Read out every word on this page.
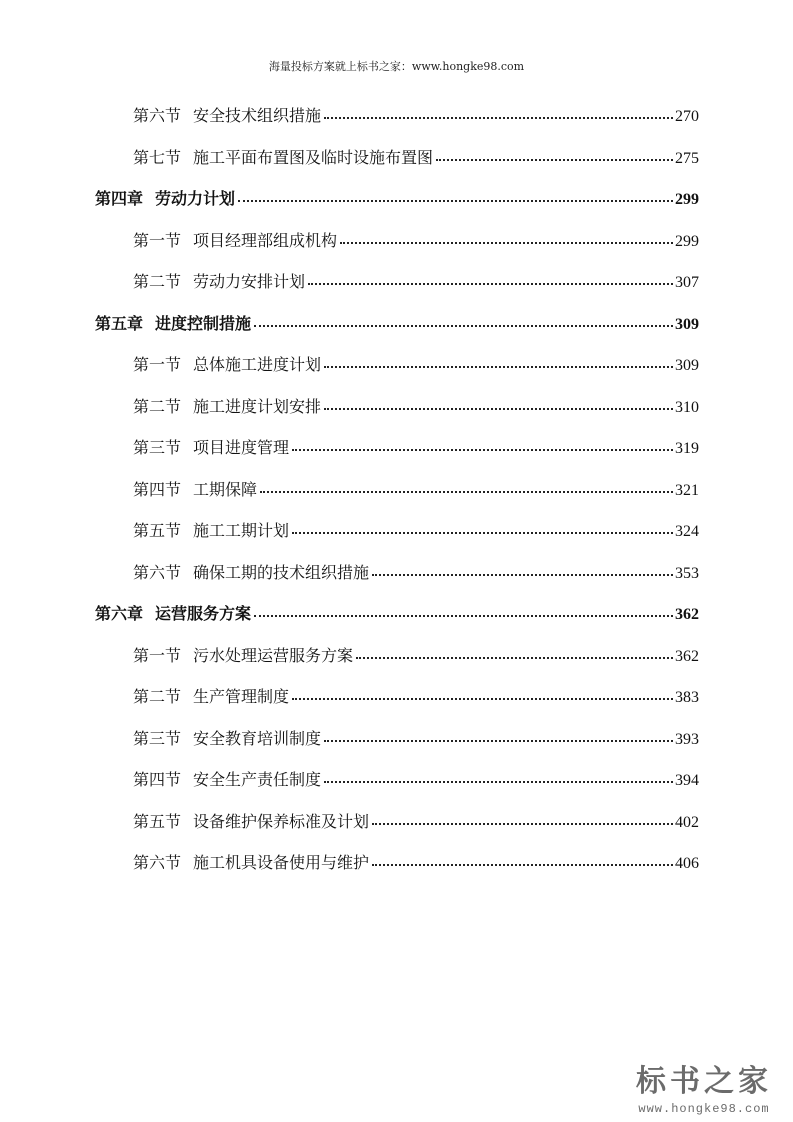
海量投标方案就上标书之家：www.hongke98.com
第六节 安全技术组织措施	270
第七节 施工平面布置图及临时设施布置图	275
第四章 劳动力计划	299
第一节 项目经理部组成机构	299
第二节 劳动力安排计划	307
第五章 进度控制措施	309
第一节 总体施工进度计划	309
第二节 施工进度计划安排	310
第三节 项目进度管理	319
第四节 工期保障	321
第五节 施工工期计划	324
第六节 确保工期的技术组织措施	353
第六章 运营服务方案	362
第一节 污水处理运营服务方案	362
第二节 生产管理制度	383
第三节 安全教育培训制度	393
第四节 安全生产责任制度	394
第五节 设备维护保养标准及计划	402
第六节 施工机具设备使用与维护	406
标书之家
www.hongke98.com
